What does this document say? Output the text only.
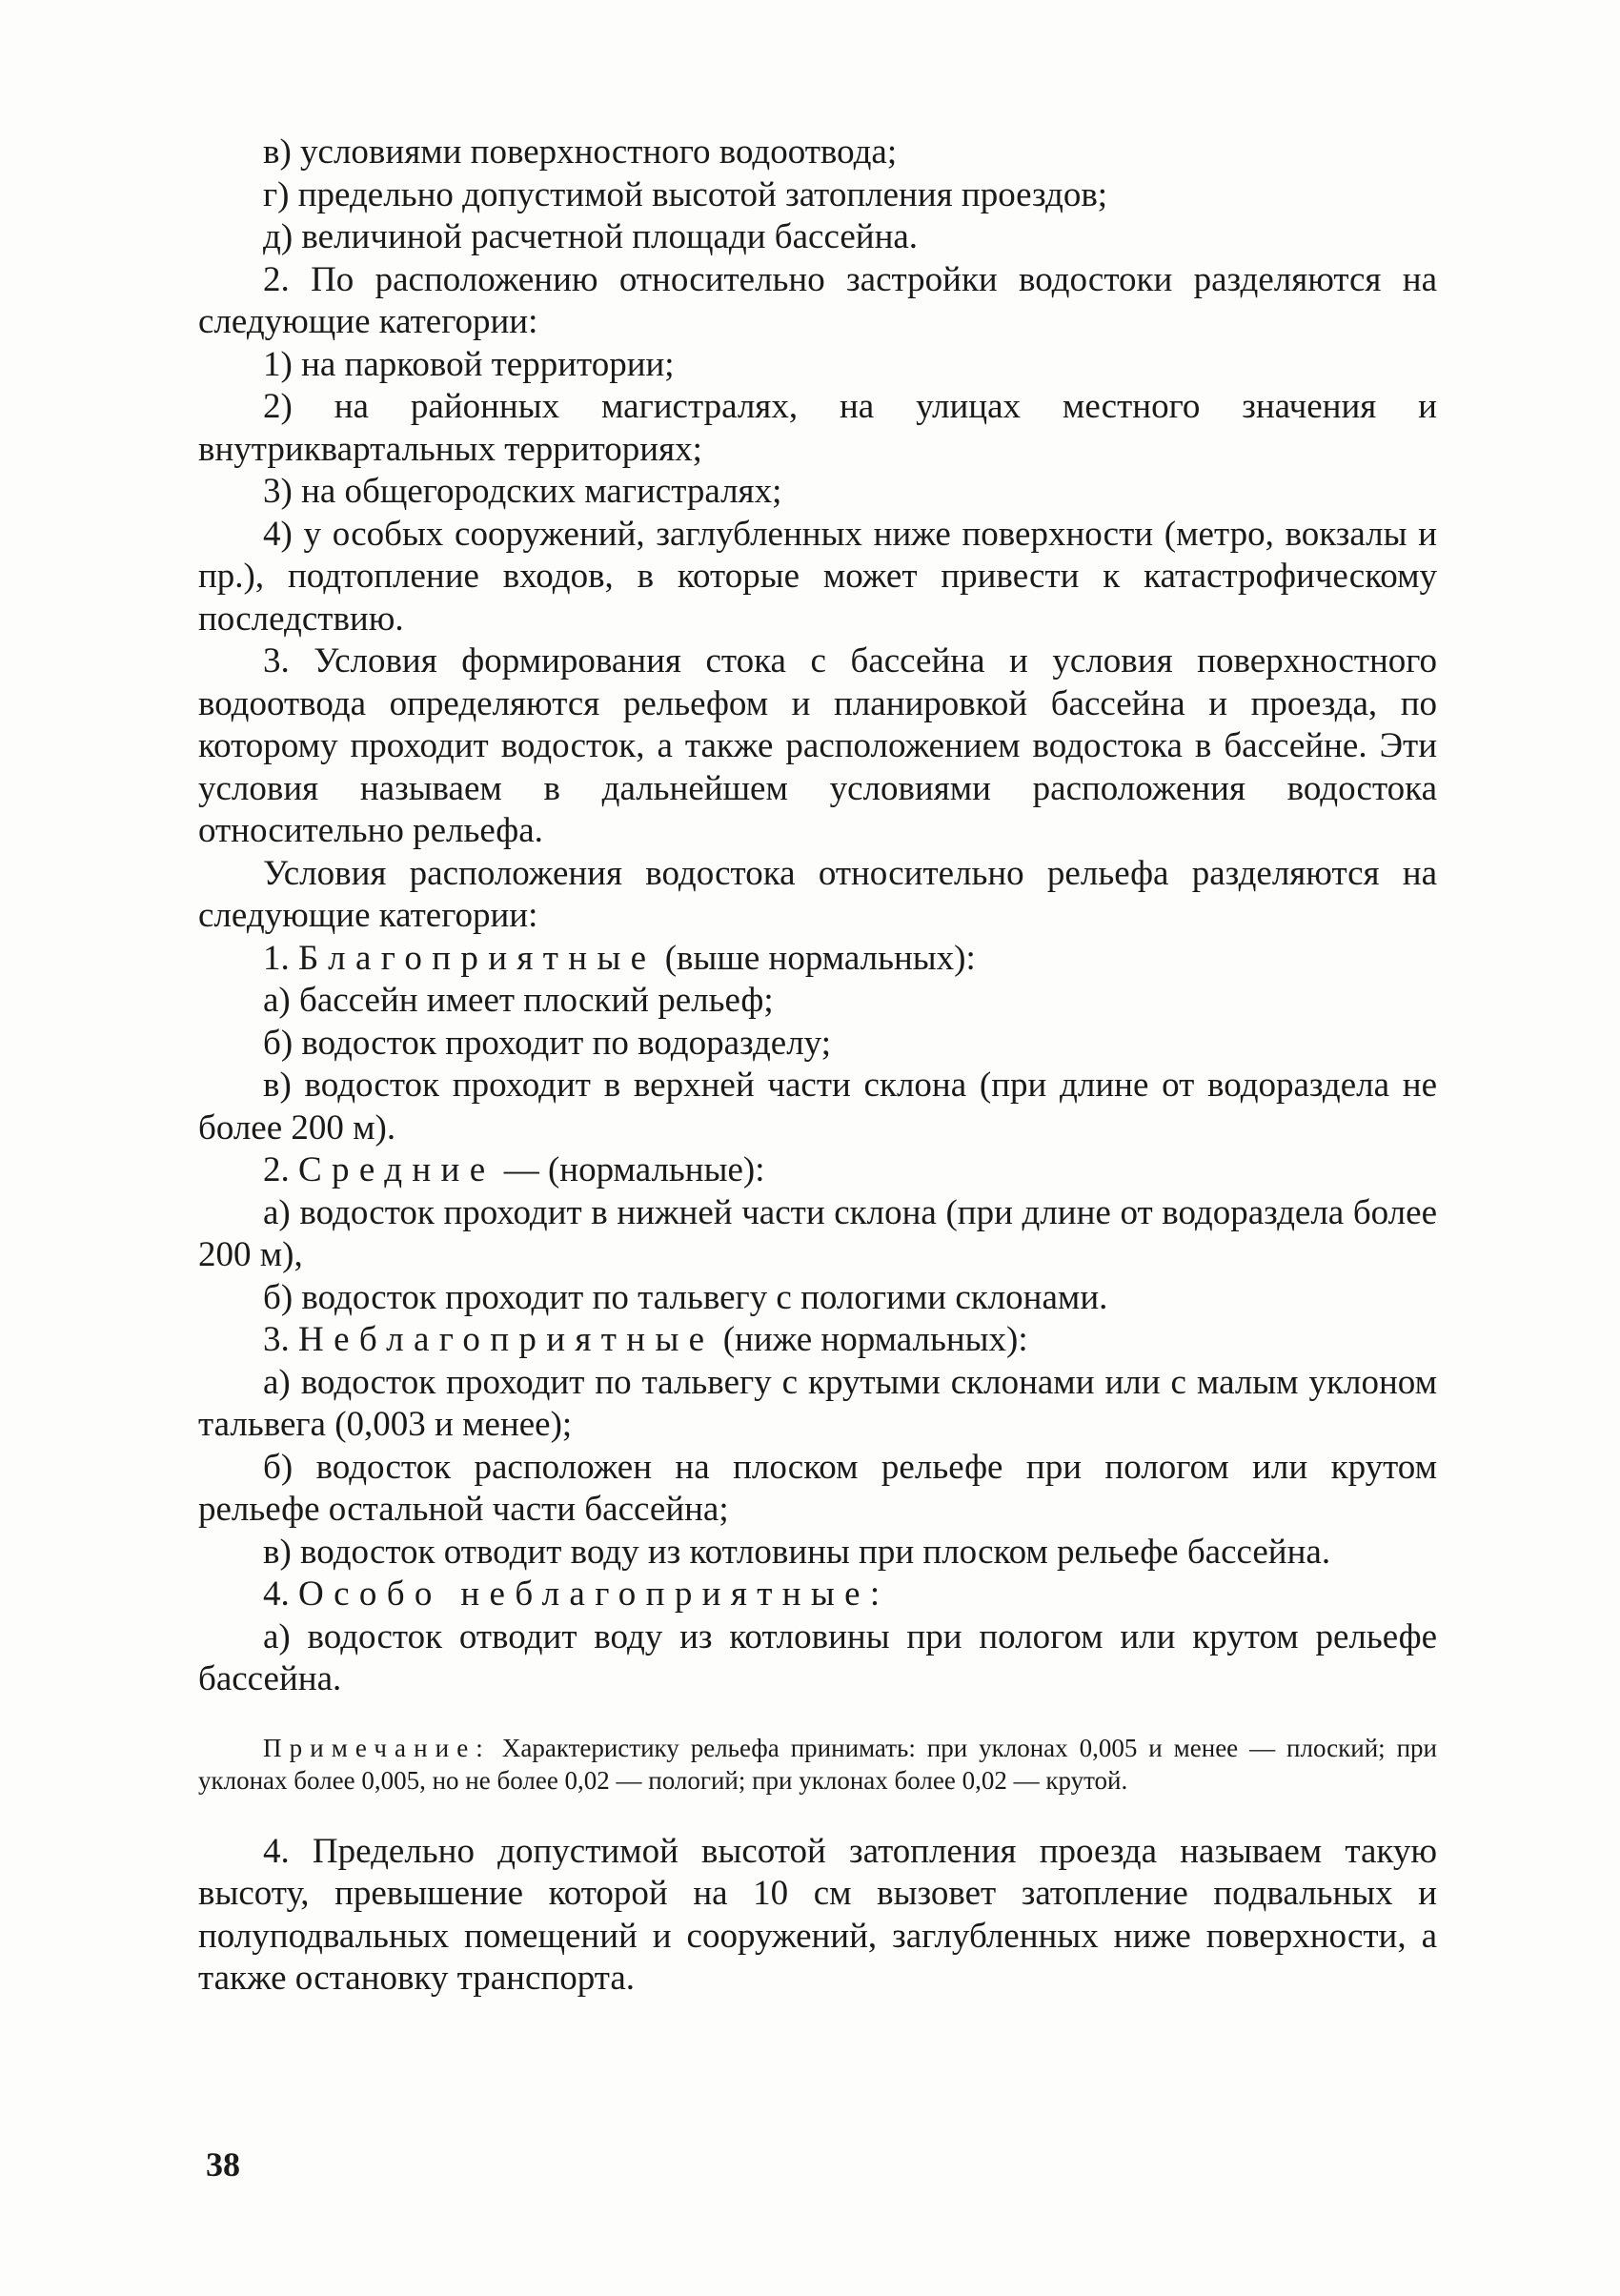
в) условиями поверхностного водоотвода;

г) предельно допустимой высотой затопления проездов;

д) величиной расчетной площади бассейна.

2. По расположению относительно застройки водостоки разделяются на следующие категории:

1) на парковой территории;

2) на районных магистралях, на улицах местного значения и внутриквартальных территориях;

3) на общегородских магистралях;

4) у особых сооружений, заглубленных ниже поверхности (метро, вокзалы и пр.), подтопление входов, в которые может привести к катастрофическому последствию.

3. Условия формирования стока с бассейна и условия поверхностного водоотвода определяются рельефом и планировкой бассейна и проезда, по которому проходит водосток, а также расположением водостока в бассейне. Эти условия называем в дальнейшем условиями расположения водостока относительно рельефа.

Условия расположения водостока относительно рельефа разделяются на следующие категории:

1. Благоприятные (выше нормальных):

а) бассейн имеет плоский рельеф;

б) водосток проходит по водоразделу;

в) водосток проходит в верхней части склона (при длине от водораздела не более 200 м).

2. Средние — (нормальные):

а) водосток проходит в нижней части склона (при длине от водораздела более 200 м),

б) водосток проходит по тальвегу с пологими склонами.

3. Неблагоприятные (ниже нормальных):

а) водосток проходит по тальвегу с крутыми склонами или с малым уклоном тальвега (0,003 и менее);

б) водосток расположен на плоском рельефе при пологом или крутом рельефе остальной части бассейна;

в) водосток отводит воду из котловины при плоском рельефе бассейна.

4. Особо неблагоприятные:

а) водосток отводит воду из котловины при пологом или крутом рельефе бассейна.

Примечание: Характеристику рельефа принимать: при уклонах 0,005 и менее — плоский; при уклонах более 0,005, но не более 0,02 — пологий; при уклонах более 0,02 — крутой.

4. Предельно допустимой высотой затопления проезда называем такую высоту, превышение которой на 10 см вызовет затопление подвальных и полуподвальных помещений и сооружений, заглубленных ниже поверхности, а также остановку транспорта.

38
